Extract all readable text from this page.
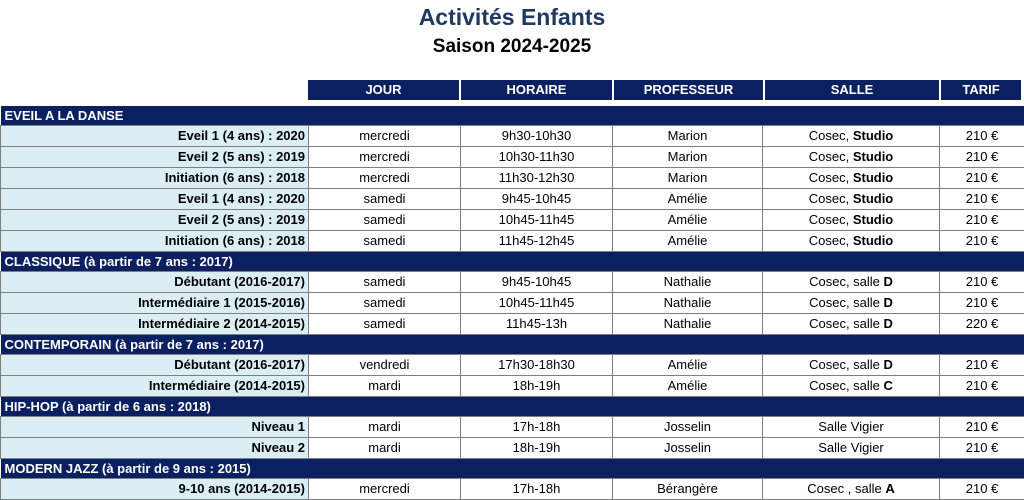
Activités Enfants
Saison 2024-2025
JOUR	HORAIRE	PROFESSEUR	SALLE	TARIF
EVEIL A LA DANSE					
Eveil 1 (4 ans) : 2020	mercredi	9h30-10h30	Marion	Cosec, Studio	210 €
Eveil 2 (5 ans) : 2019	mercredi	10h30-11h30	Marion	Cosec, Studio	210 €
Initiation (6 ans) : 2018	mercredi	11h30-12h30	Marion	Cosec, Studio	210 €
Eveil 1 (4 ans) : 2020	samedi	9h45-10h45	Amélie	Cosec, Studio	210 €
Eveil 2 (5 ans) : 2019	samedi	10h45-11h45	Amélie	Cosec, Studio	210 €
Initiation (6 ans) : 2018	samedi	11h45-12h45	Amélie	Cosec, Studio	210 €
CLASSIQUE (à partir de 7 ans : 2017)					
Débutant (2016-2017)	samedi	9h45-10h45	Nathalie	Cosec, salle D	210 €
Intermédiaire 1 (2015-2016)	samedi	10h45-11h45	Nathalie	Cosec, salle D	210 €
Intermédiaire 2 (2014-2015)	samedi	11h45-13h	Nathalie	Cosec, salle D	220 €
CONTEMPORAIN (à partir de 7 ans : 2017)					
Débutant (2016-2017)	vendredi	17h30-18h30	Amélie	Cosec, salle D	210 €
Intermédiaire (2014-2015)	mardi	18h-19h	Amélie	Cosec, salle C	210 €
HIP-HOP (à partir de 6 ans : 2018)					
Niveau 1	mardi	17h-18h	Josselin	Salle Vigier	210 €
Niveau 2	mardi	18h-19h	Josselin	Salle Vigier	210 €
MODERN JAZZ (à partir de 9 ans : 2015)					
9-10 ans (2014-2015)	mercredi	17h-18h	Bérangère	Cosec , salle A	210 €
